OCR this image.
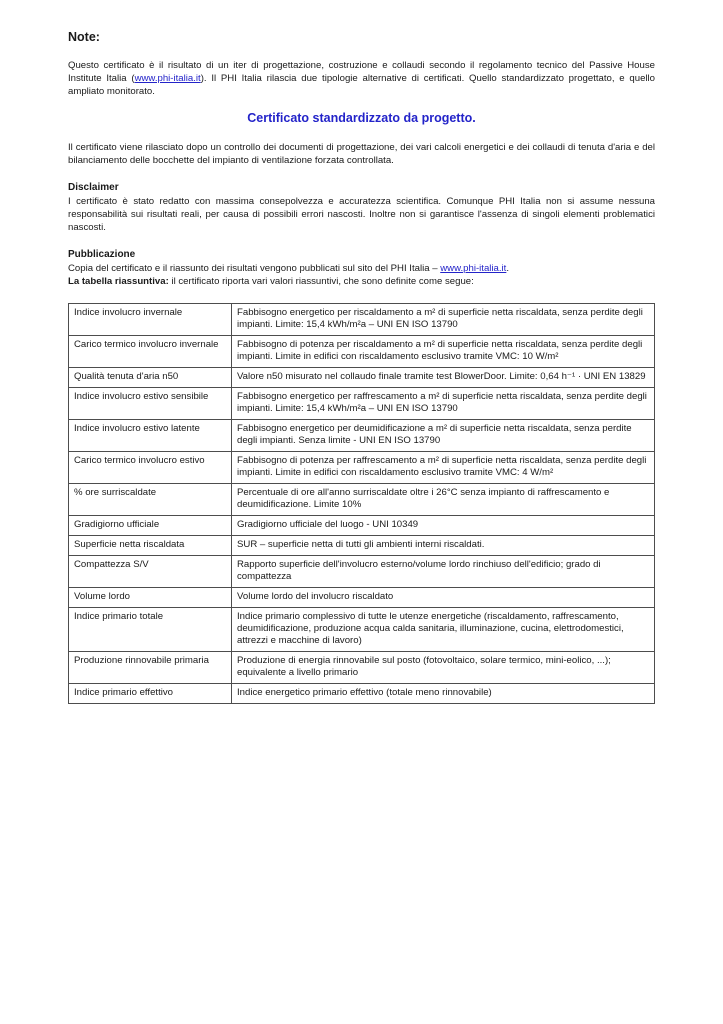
Note:

Questo certificato è il risultato di un iter di progettazione, costruzione e collaudi secondo il regolamento tecnico del Passive House Institute Italia (www.phi-italia.it). Il PHI Italia rilascia due tipologie alternative di certificati. Quello standardizzato progettato, e quello ampliato monitorato.

Certificato standardizzato da progetto.

Il certificato viene rilasciato dopo un controllo dei documenti di progettazione, dei vari calcoli energetici e dei collaudi di tenuta d'aria e del bilanciamento delle bocchette del impianto di ventilazione forzata controllata.

Disclaimer

I certificato è stato redatto con massima consepolvezza e accuratezza scientifica. Comunque PHI Italia non si assume nessuna responsabilità sui risultati reali, per causa di possibili errori nascosti. Inoltre non si garantisce l'assenza di singoli elementi problematici nascosti.

Pubblicazione

Copia del certificato e il riassunto dei risultati vengono pubblicati sul sito del PHI Italia – www.phi-italia.it.

La tabella riassuntiva: il certificato riporta vari valori riassuntivi, che sono definite come segue:

Indice involucro invernale	Fabbisogno energetico per riscaldamento a m² di superficie netta riscaldata, senza perdite degli impianti. Limite: 15,4 kWh/m²a – UNI EN ISO 13790
Carico termico involucro invernale	Fabbisogno di potenza per riscaldamento a m² di superficie netta riscaldata, senza perdite degli impianti. Limite in edifici con riscaldamento esclusivo tramite VMC: 10 W/m²
Qualità tenuta d'aria n50	Valore n50 misurato nel collaudo finale tramite test BlowerDoor. Limite: 0,64 h⁻¹ · UNI EN 13829
Indice involucro estivo sensibile	Fabbisogno energetico per raffrescamento a m² di superficie netta riscaldata, senza perdite degli impianti. Limite: 15,4 kWh/m²a – UNI EN ISO 13790
Indice involucro estivo latente	Fabbisogno energetico per deumidificazione a m² di superficie netta riscaldata, senza perdite degli impianti. Senza limite - UNI EN ISO 13790
Carico termico involucro estivo	Fabbisogno di potenza per raffrescamento a m² di superficie netta riscaldata, senza perdite degli impianti. Limite in edifici con riscaldamento esclusivo tramite VMC: 4 W/m²
% ore surriscaldate	Percentuale di ore all'anno surriscaldate oltre i 26°C senza impianto di raffrescamento e deumidificazione. Limite 10%
Gradigiorno ufficiale	Gradigiorno ufficiale del luogo - UNI 10349
Superficie netta riscaldata	SUR – superficie netta di tutti gli ambienti interni riscaldati.
Compattezza S/V	Rapporto superficie dell'involucro esterno/volume lordo rinchiuso dell'edificio; grado di compattezza
Volume lordo	Volume lordo del involucro riscaldato
Indice primario totale	Indice primario complessivo di tutte le utenze energetiche (riscaldamento, raffrescamento, deumidificazione, produzione acqua calda sanitaria, illuminazione, cucina, elettrodomestici, attrezzi e macchine di lavoro)
Produzione rinnovabile primaria	Produzione di energia rinnovabile sul posto (fotovoltaico, solare termico, mini-eolico, ...); equivalente a livello primario
Indice primario effettivo	Indice energetico primario effettivo (totale meno rinnovabile)
